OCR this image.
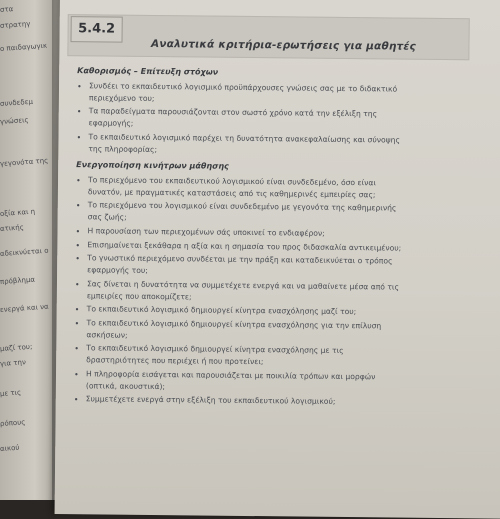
στα
στρατηγ
ο παιδαγωγικ
συνδεδεμ
γνώσεις
γεγονότα της
οξία και η
ατικής
αδεικνύεται ο
πρόβλημα
ενεργά και να
μαζί του;
για την
με τις
ρόπους
αικού
5.4.2
Αναλυτικά κριτήρια-ερωτήσεις για μαθητές
Καθορισμός – Επίτευξη στόχων
• Συνδέει το εκπαιδευτικό λογισμικό προϋπάρχουσες γνώσεις σας με το διδακτικό περιεχόμενο του;
• Τα παραδείγματα παρουσιάζονται στον σωστό χρόνο κατά την εξέλιξη της εφαρμογής;
• Το εκπαιδευτικό λογισμικό παρέχει τη δυνατότητα ανακεφαλαίωσης και σύνοψης της πληροφορίας;
Ενεργοποίηση κινήτρων μάθησης
• Το περιεχόμενο του εκπαιδευτικού λογισμικού είναι συνδεδεμένο, όσο είναι δυνατόν, με πραγματικές καταστάσεις από τις καθημερινές εμπειρίες σας;
• Το περιεχόμενο του λογισμικού είναι συνδεδεμένο με γεγονότα της καθημερινής σας ζωής;
• Η παρουσίαση των περιεχομένων σάς υποκινεί το ενδιαφέρον;
• Επισημαίνεται ξεκάθαρα η αξία και η σημασία του προς διδασκαλία αντικειμένου;
• Το γνωστικό περιεχόμενο συνδέεται με την πράξη και καταδεικνύεται ο τρόπος εφαρμογής του;
• Σας δίνεται η δυνατότητα να συμμετέχετε ενεργά και να μαθαίνετε μέσα από τις εμπειρίες που αποκομίζετε;
• Το εκπαιδευτικό λογισμικό δημιουργεί κίνητρα ενασχόλησης μαζί του;
• Το εκπαιδευτικό λογισμικό δημιουργεί κίνητρα ενασχόλησης για την επίλυση ασκήσεων;
• Το εκπαιδευτικό λογισμικό δημιουργεί κίνητρα ενασχόλησης με τις δραστηριότητες που περιέχει ή που προτείνει;
• Η πληροφορία εισάγεται και παρουσιάζεται με ποικιλία τρόπων και μορφών (οπτικά, ακουστικά);
• Συμμετέχετε ενεργά στην εξέλιξη του εκπαιδευτικού λογισμικού;
